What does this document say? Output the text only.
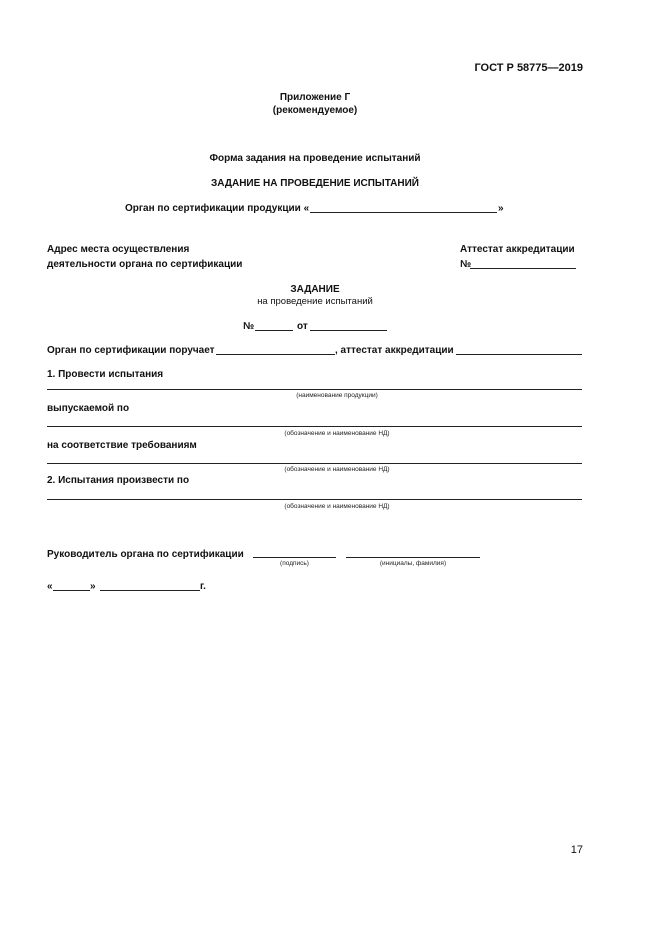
ГОСТ Р 58775—2019
Приложение Г
(рекомендуемое)
Форма задания на проведение испытаний
ЗАДАНИЕ НА ПРОВЕДЕНИЕ ИСПЫТАНИЙ
Орган по сертификации продукции «	»
Адрес места осуществления
деятельности органа по сертификации
Аттестат аккредитации
№
ЗАДАНИЕ
на проведение испытаний
№	от
Орган по сертификации поручает	, аттестат аккредитации
1. Провести испытания
(наименование продукции)
выпускаемой по
(обозначение и наименование НД)
на соответствие требованиям
(обозначение и наименование НД)
2. Испытания произвести по
(обозначение и наименование НД)
Руководитель органа по сертификации
(подпись)	(инициалы, фамилия)
«	»	г.
17
